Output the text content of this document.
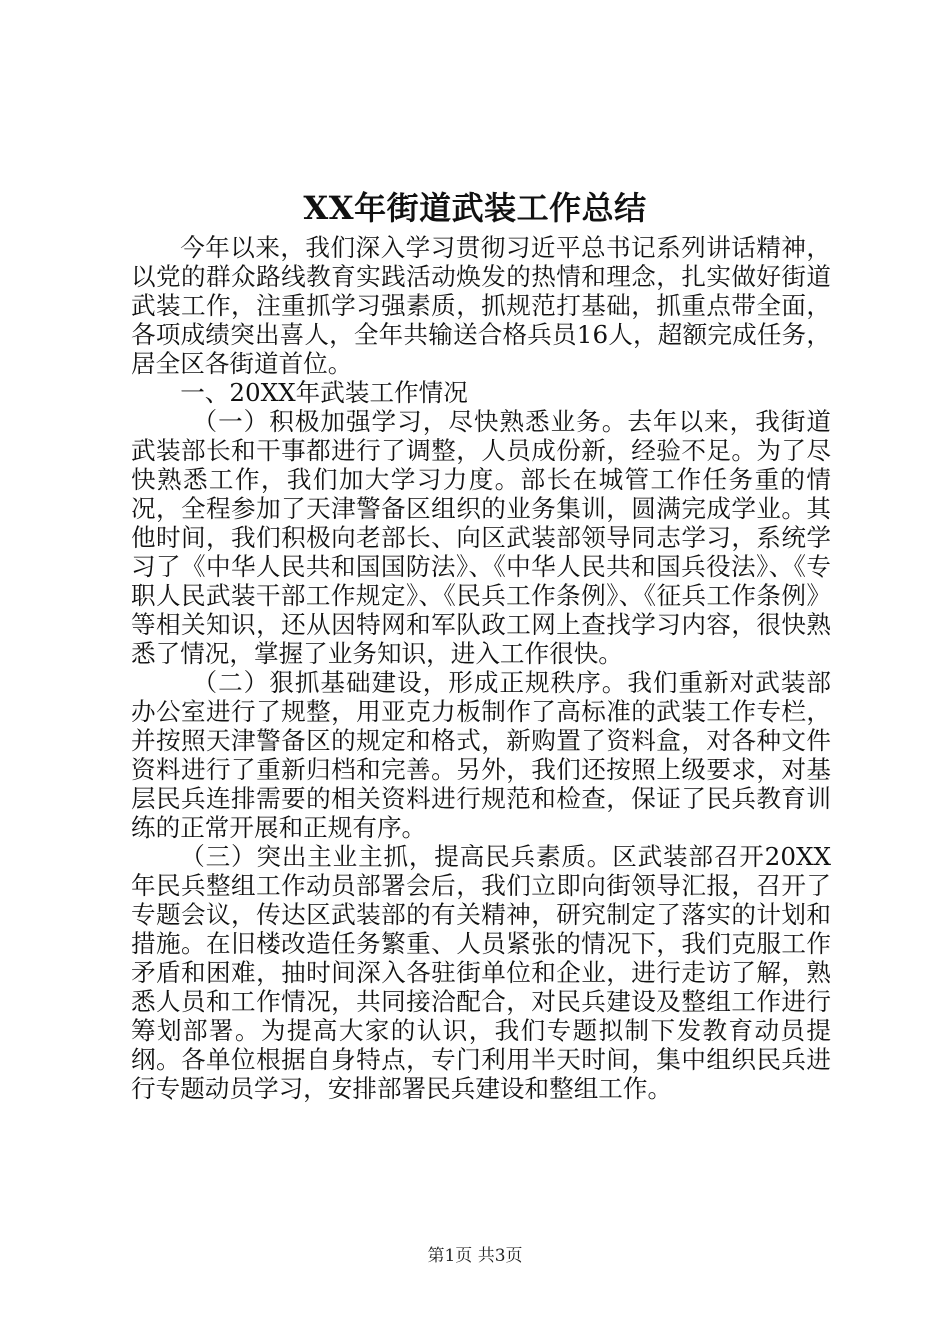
XX年街道武装工作总结

今年以来，我们深入学习贯彻习近平总书记系列讲话精神，以党的群众路线教育实践活动焕发的热情和理念，扎实做好街道武装工作，注重抓学习强素质，抓规范打基础，抓重点带全面，各项成绩突出喜人，全年共输送合格兵员16人，超额完成任务，居全区各街道首位。

一、20XX年武装工作情况

（一）积极加强学习，尽快熟悉业务。去年以来，我街道武装部长和干事都进行了调整，人员成份新，经验不足。为了尽快熟悉工作，我们加大学习力度。部长在城管工作任务重的情况，全程参加了天津警备区组织的业务集训，圆满完成学业。其他时间，我们积极向老部长、向区武装部领导同志学习，系统学习了《中华人民共和国国防法》、《中华人民共和国兵役法》、《专职人民武装干部工作规定》、《民兵工作条例》、《征兵工作条例》等相关知识，还从因特网和军队政工网上查找学习内容，很快熟悉了情况，掌握了业务知识，进入工作很快。

（二）狠抓基础建设，形成正规秩序。我们重新对武装部办公室进行了规整，用亚克力板制作了高标准的武装工作专栏，并按照天津警备区的规定和格式，新购置了资料盒，对各种文件资料进行了重新归档和完善。另外，我们还按照上级要求，对基层民兵连排需要的相关资料进行规范和检查，保证了民兵教育训练的正常开展和正规有序。

（三）突出主业主抓，提高民兵素质。区武装部召开20XX年民兵整组工作动员部署会后，我们立即向街领导汇报，召开了专题会议，传达区武装部的有关精神，研究制定了落实的计划和措施。在旧楼改造任务繁重、人员紧张的情况下，我们克服工作矛盾和困难，抽时间深入各驻街单位和企业，进行走访了解，熟悉人员和工作情况，共同接洽配合，对民兵建设及整组工作进行筹划部署。为提高大家的认识，我们专题拟制下发教育动员提纲。各单位根据自身特点，专门利用半天时间，集中组织民兵进行专题动员学习，安排部署民兵建设和整组工作。

第1页 共3页
